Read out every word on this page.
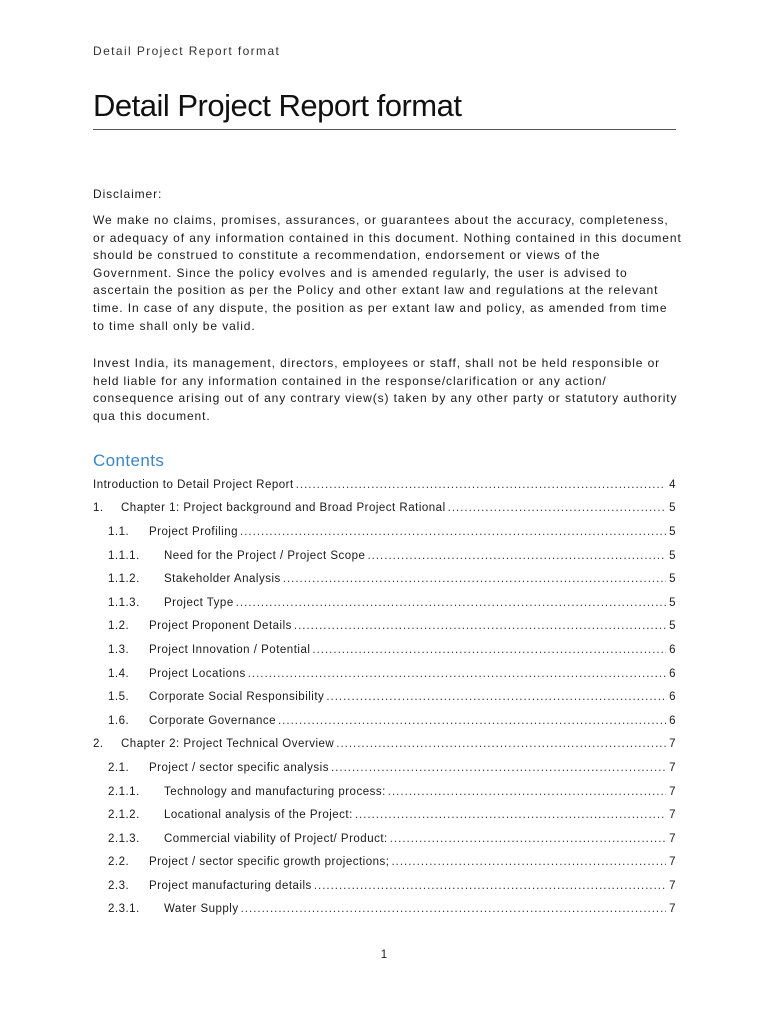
Detail Project Report format
Detail Project Report format

Disclaimer:

We make no claims, promises, assurances, or guarantees about the accuracy, completeness, or adequacy of any information contained in this document. Nothing contained in this document should be construed to constitute a recommendation, endorsement or views of the Government. Since the policy evolves and is amended regularly, the user is advised to ascertain the position as per the Policy and other extant law and regulations at the relevant time. In case of any dispute, the position as per extant law and policy, as amended from time to time shall only be valid.

Invest India, its management, directors, employees or staff, shall not be held responsible or held liable for any information contained in the response/clarification or any action/ consequence arising out of any contrary view(s) taken by any other party or statutory authority qua this document.

Contents
Introduction to Detail Project Report .....	4
1.	Chapter 1: Project background and Broad Project Rational .....	5
1.1.	Project Profiling .....	5
1.1.1.	Need for the Project / Project Scope .....	5
1.1.2.	Stakeholder Analysis .....	5
1.1.3.	Project Type .....	5
1.2.	Project Proponent Details .....	5
1.3.	Project Innovation / Potential .....	6
1.4.	Project Locations .....	6
1.5.	Corporate Social Responsibility .....	6
1.6.	Corporate Governance .....	6
2.	Chapter 2: Project Technical Overview .....	7
2.1.	Project / sector specific analysis .....	7
2.1.1.	Technology and manufacturing process: .....	7
2.1.2.	Locational analysis of the Project: .....	7
2.1.3.	Commercial viability of Project/ Product: .....	7
2.2.	Project / sector specific growth projections; .....	7
2.3.	Project manufacturing details .....	7
2.3.1.	Water Supply .....	7
1
